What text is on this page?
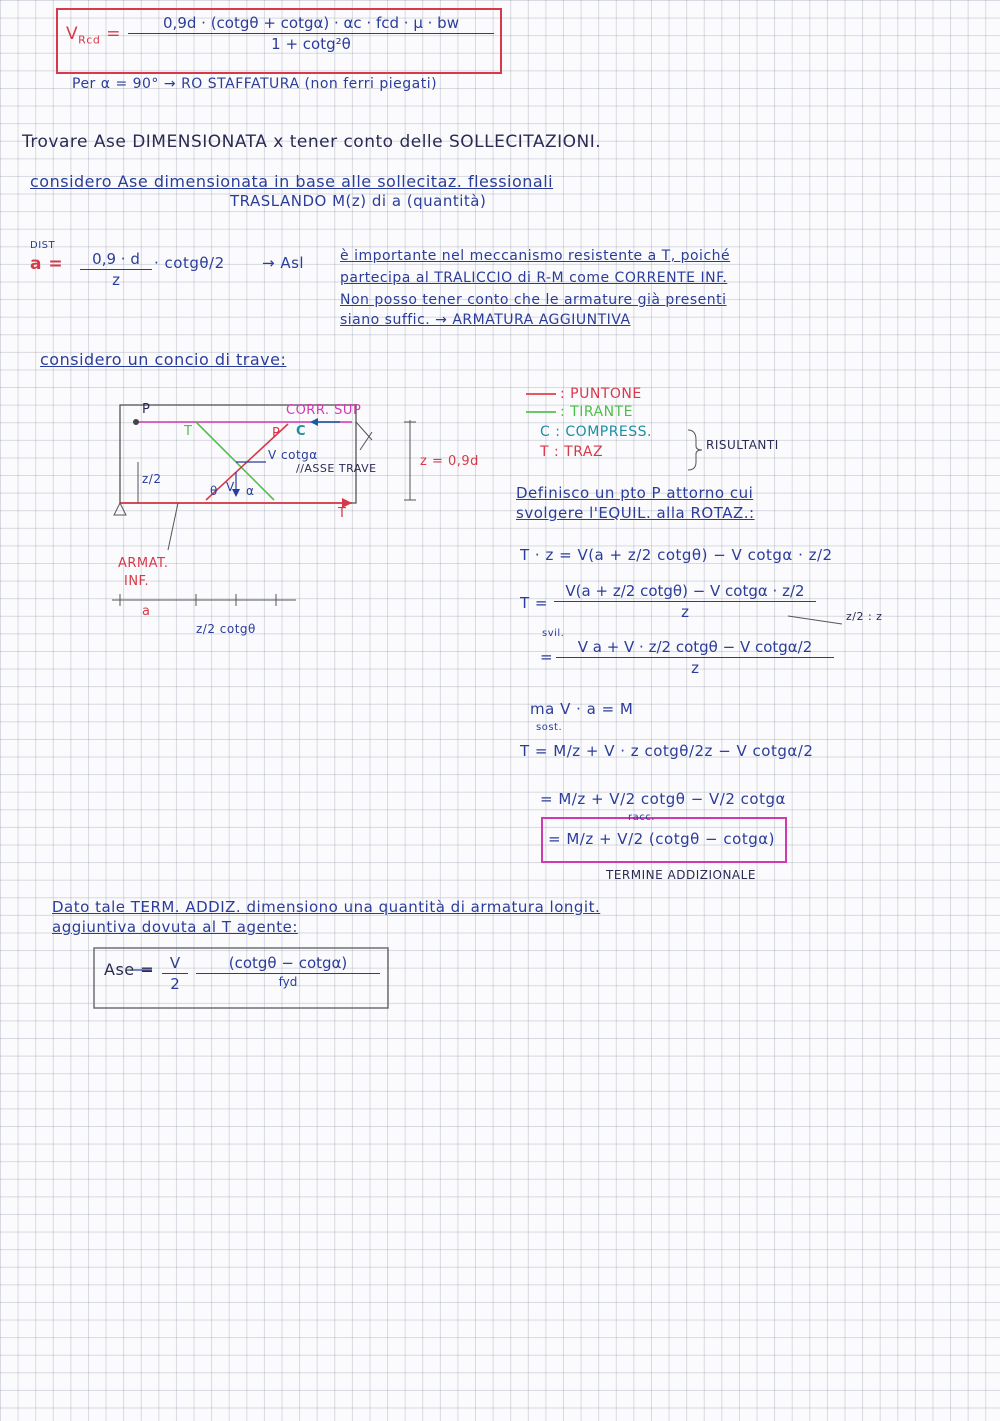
$V_{Rcd}$ =
0,9d · (cotgθ + cotgα) · αc · fcd · μ · bw
1 + cotg²θ
Per α = 90° → RO STAFFATURA (non ferri piegati)
Trovare Ase DIMENSIONATA x tener conto delle SOLLECITAZIONI.
considero Ase dimensionata in base alle sollecitaz. flessionali
TRASLANDO M(z) di a (quantità)
DIST
$a = \frac{0,9 \cdot d}{z} \cdot \cot g\theta/2$ → Asl	è importante nel meccanismo resistente a T, poiché
partecipa al TRALICCIO di R-M come CORRENTE INF.
Non posso tener conto che le armature già presenti
siano suffic. → ARMATURA AGGIUNTIVA
considero un concio di trave:
P	CORR. SUP
T	P C
V cotgα
//ASSE TRAVE	z = 0,9d
z/2
θ V α
T
ARMAT.
INF.
a
z/2 cotgθ
: PUNTONE
: TIRANTE
C : COMPRESS.
T : TRAZ	RISULTANTI
Definisco un pto P attorno cui
svolgere l'EQUIL. alla ROTAZ.:
T · z = V(a + z/2 cotgθ) − V cotgα · z/2
$T = \frac{\text{V(a + z/2 cotgθ) − V cotgα · z/2}}{z}$	z/2 : z
svil.
= $\frac{\text{V a + V · z/2 cotgθ − V cotgα/2}}{z}$
ma V · a = M
sost.
T = M/z + V · z cotgθ/2z − V cotgα/2
= M/z + V/2 cotgθ − V/2 cotgα
racc.
= M/z + V/2 (cotgθ − cotgα)
TERMINE ADDIZIONALE
Dato tale TERM. ADDIZ. dimensiono una quantità di armatura longit.
aggiuntiva dovuta al T agente:
Ase = $\frac{V}{2}$	(cotgθ − cotgα)
fyd
